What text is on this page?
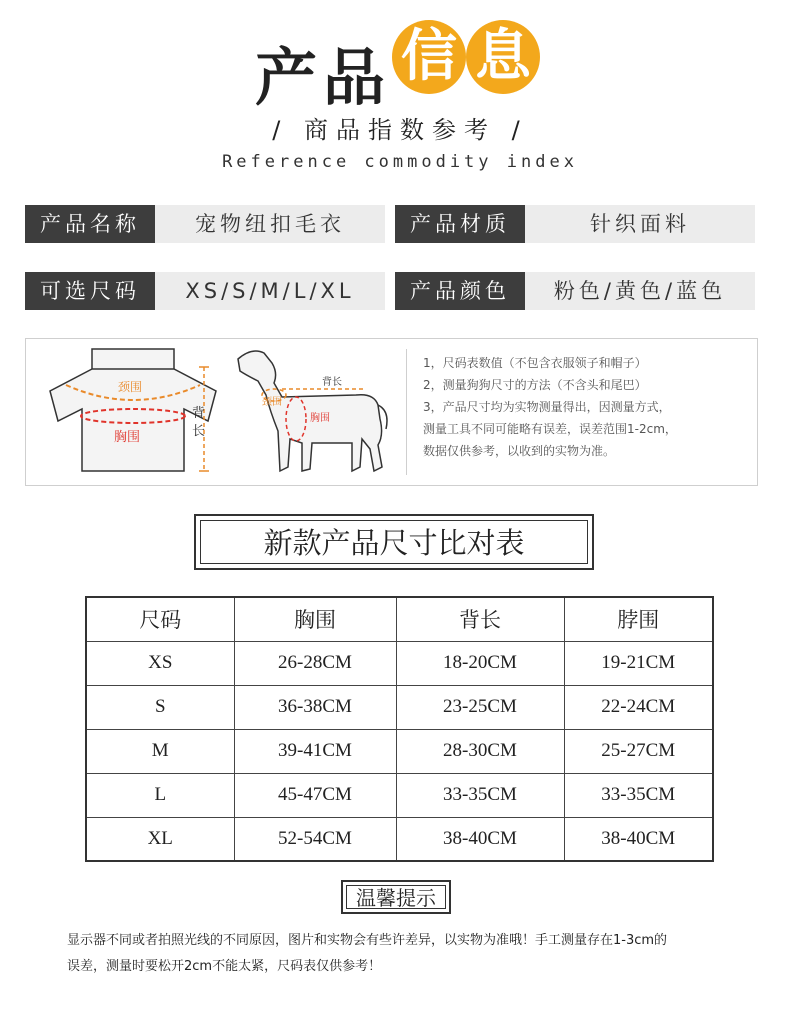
产品 信 息
/ 商品指数参考 /
Reference commodity index
产品名称	宠物纽扣毛衣	产品材质	针织面料
可选尺码	XS/S/M/L/XL	产品颜色	粉色/黄色/蓝色
颈围
胸围
背
长
颈围
背长
胸围
1，尺码表数值（不包含衣服领子和帽子）
2，测量狗狗尺寸的方法（不含头和尾巴）
3，产品尺寸均为实物测量得出，因测量方式，
测量工具不同可能略有误差，误差范围1-2cm，
数据仅供参考，以收到的实物为准。
新款产品尺寸比对表
尺码	胸围	背长	脖围
XS	26-28CM	18-20CM	19-21CM
S	36-38CM	23-25CM	22-24CM
M	39-41CM	28-30CM	25-27CM
L	45-47CM	33-35CM	33-35CM
XL	52-54CM	38-40CM	38-40CM
温馨提示
显示器不同或者拍照光线的不同原因，图片和实物会有些许差异，以实物为准哦！手工测量存在1-3cm的
误差，测量时要松开2cm不能太紧，尺码表仅供参考！
